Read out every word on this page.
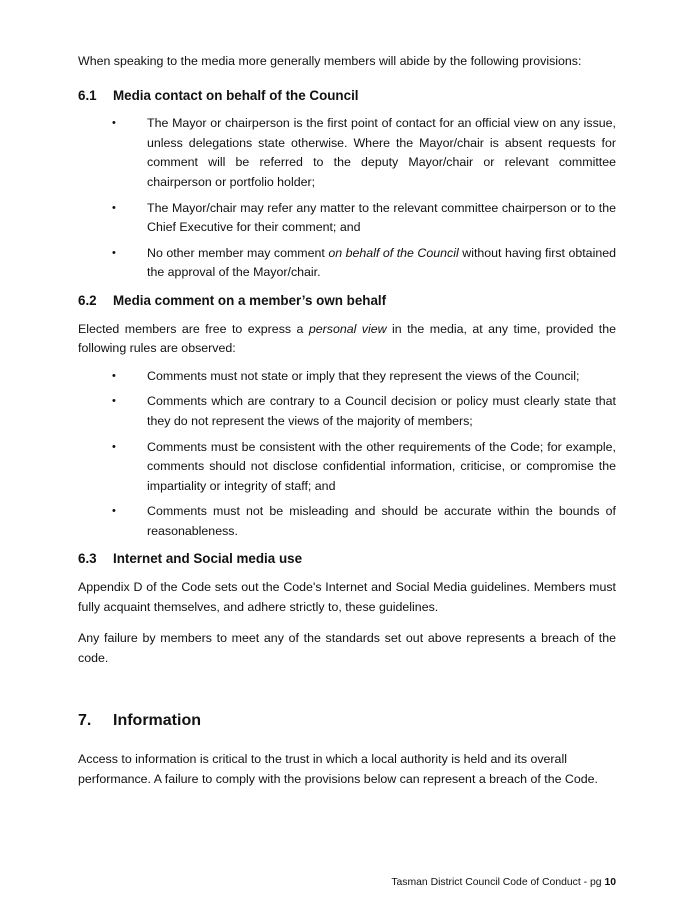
When speaking to the media more generally members will abide by the following provisions:

6.1	Media contact on behalf of the Council
•	The Mayor or chairperson is the first point of contact for an official view on any issue, unless delegations state otherwise. Where the Mayor/chair is absent requests for comment will be referred to the deputy Mayor/chair or relevant committee chairperson or portfolio holder;
•	The Mayor/chair may refer any matter to the relevant committee chairperson or to the Chief Executive for their comment; and
•	No other member may comment on behalf of the Council without having first obtained the approval of the Mayor/chair.
6.2	Media comment on a member’s own behalf

Elected members are free to express a personal view in the media, at any time, provided the following rules are observed:

•	Comments must not state or imply that they represent the views of the Council;
•	Comments which are contrary to a Council decision or policy must clearly state that they do not represent the views of the majority of members;
•	Comments must be consistent with the other requirements of the Code; for example, comments should not disclose confidential information, criticise, or compromise the impartiality or integrity of staff; and
•	Comments must not be misleading and should be accurate within the bounds of reasonableness.
6.3	Internet and Social media use

Appendix D of the Code sets out the Code's Internet and Social Media guidelines. Members must fully acquaint themselves, and adhere strictly to, these guidelines.

Any failure by members to meet any of the standards set out above represents a breach of the code.

7.	Information

Access to information is critical to the trust in which a local authority is held and its overall performance. A failure to comply with the provisions below can represent a breach of the Code.

Tasman District Council Code of Conduct - pg 10
